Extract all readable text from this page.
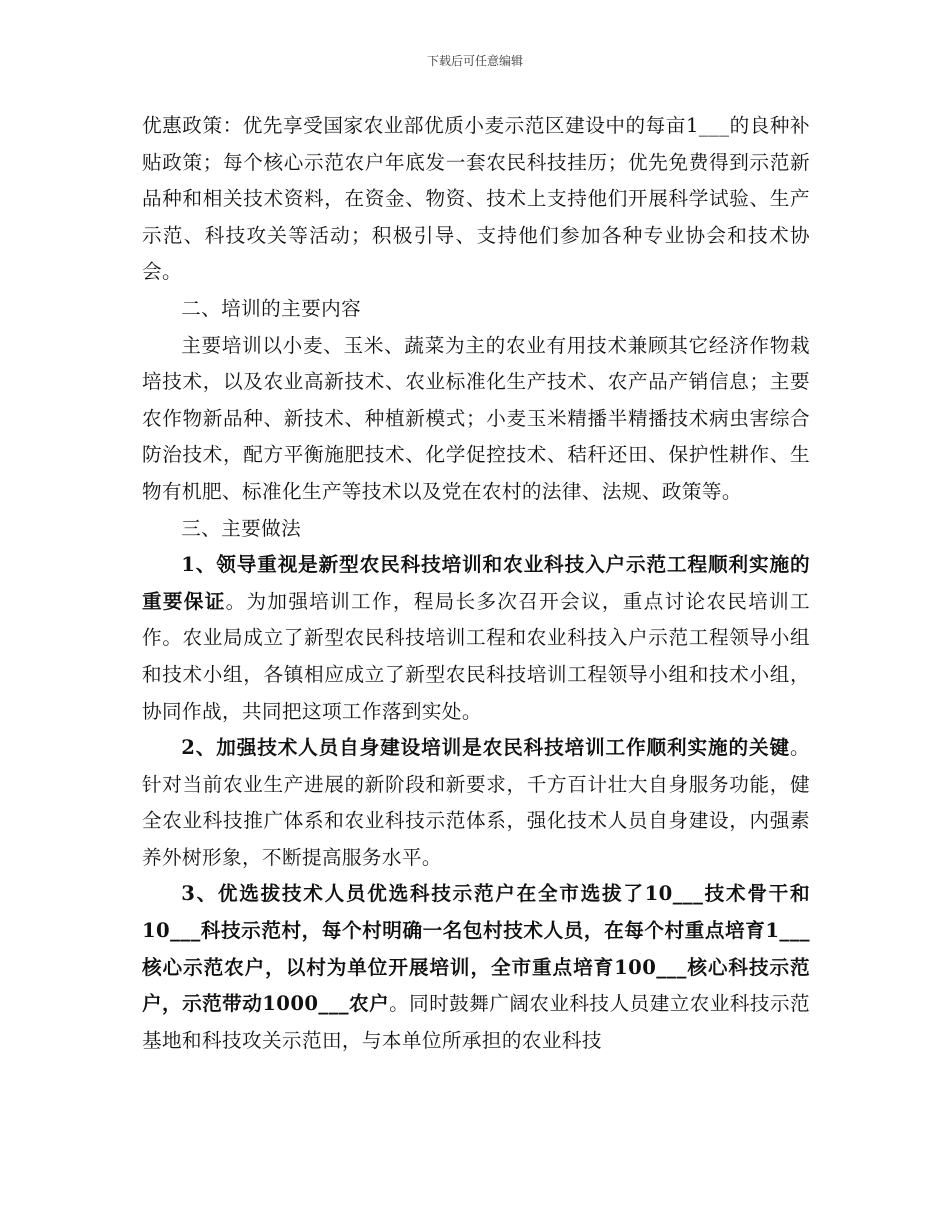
下载后可任意编辑

优惠政策：优先享受国家农业部优质小麦示范区建设中的每亩1___的良种补贴政策；每个核心示范农户年底发一套农民科技挂历；优先免费得到示范新品种和相关技术资料，在资金、物资、技术上支持他们开展科学试验、生产示范、科技攻关等活动；积极引导、支持他们参加各种专业协会和技术协会。

二、培训的主要内容

主要培训以小麦、玉米、蔬菜为主的农业有用技术兼顾其它经济作物栽培技术，以及农业高新技术、农业标准化生产技术、农产品产销信息；主要农作物新品种、新技术、种植新模式；小麦玉米精播半精播技术病虫害综合防治技术，配方平衡施肥技术、化学促控技术、秸秆还田、保护性耕作、生物有机肥、标准化生产等技术以及党在农村的法律、法规、政策等。

三、主要做法

1、领导重视是新型农民科技培训和农业科技入户示范工程顺利实施的重要保证。为加强培训工作，程局长多次召开会议，重点讨论农民培训工作。农业局成立了新型农民科技培训工程和农业科技入户示范工程领导小组和技术小组，各镇相应成立了新型农民科技培训工程领导小组和技术小组，协同作战，共同把这项工作落到实处。

2、加强技术人员自身建设培训是农民科技培训工作顺利实施的关键。针对当前农业生产进展的新阶段和新要求，千方百计壮大自身服务功能，健全农业科技推广体系和农业科技示范体系，强化技术人员自身建设，内强素养外树形象，不断提高服务水平。

3、优选拔技术人员优选科技示范户在全市选拔了10___技术骨干和10___科技示范村，每个村明确一名包村技术人员，在每个村重点培育1___核心示范农户，以村为单位开展培训，全市重点培育100___核心科技示范户，示范带动1000___农户。同时鼓舞广阔农业科技人员建立农业科技示范基地和科技攻关示范田，与本单位所承担的农业科技
